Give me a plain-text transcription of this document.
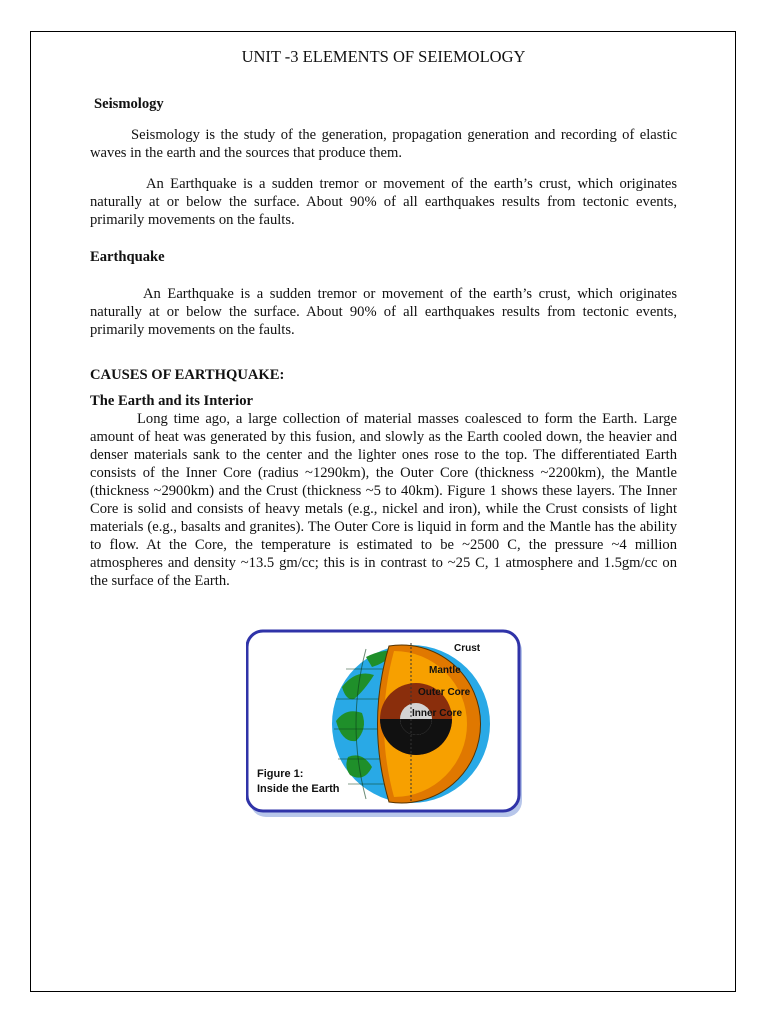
UNIT -3 ELEMENTS OF SEIEMOLOGY
Seismology

Seismology is the study of the generation, propagation generation and recording of elastic waves in the earth and the sources that produce them.

An Earthquake is a sudden tremor or movement of the earth’s crust, which originates naturally at or below the surface. About 90% of all earthquakes results from tectonic events, primarily movements on the faults.

Earthquake

An Earthquake is a sudden tremor or movement of the earth’s crust, which originates naturally at or below the surface. About 90% of all earthquakes results from tectonic events, primarily movements on the faults.

CAUSES OF EARTHQUAKE:
The Earth and its Interior

Long time ago, a large collection of material masses coalesced to form the Earth. Large amount of heat was generated by this fusion, and slowly as the Earth cooled down, the heavier and denser materials sank to the center and the lighter ones rose to the top. The differentiated Earth consists of the Inner Core (radius ~1290km), the Outer Core (thickness ~2200km), the Mantle (thickness ~2900km) and the Crust (thickness ~5 to 40km). Figure 1 shows these layers. The Inner Core is solid and consists of heavy metals (e.g., nickel and iron), while the Crust consists of light materials (e.g., basalts and granites). The Outer Core is liquid in form and the Mantle has the ability to flow. At the Core, the temperature is estimated to be ~2500 C, the pressure ~4 million atmospheres and density ~13.5 gm/cc; this is in contrast to ~25 C, 1 atmosphere and 1.5gm/cc on the surface of the Earth.

Crust
Mantle
Outer Core
Inner Core
Figure 1:
Inside the Earth
